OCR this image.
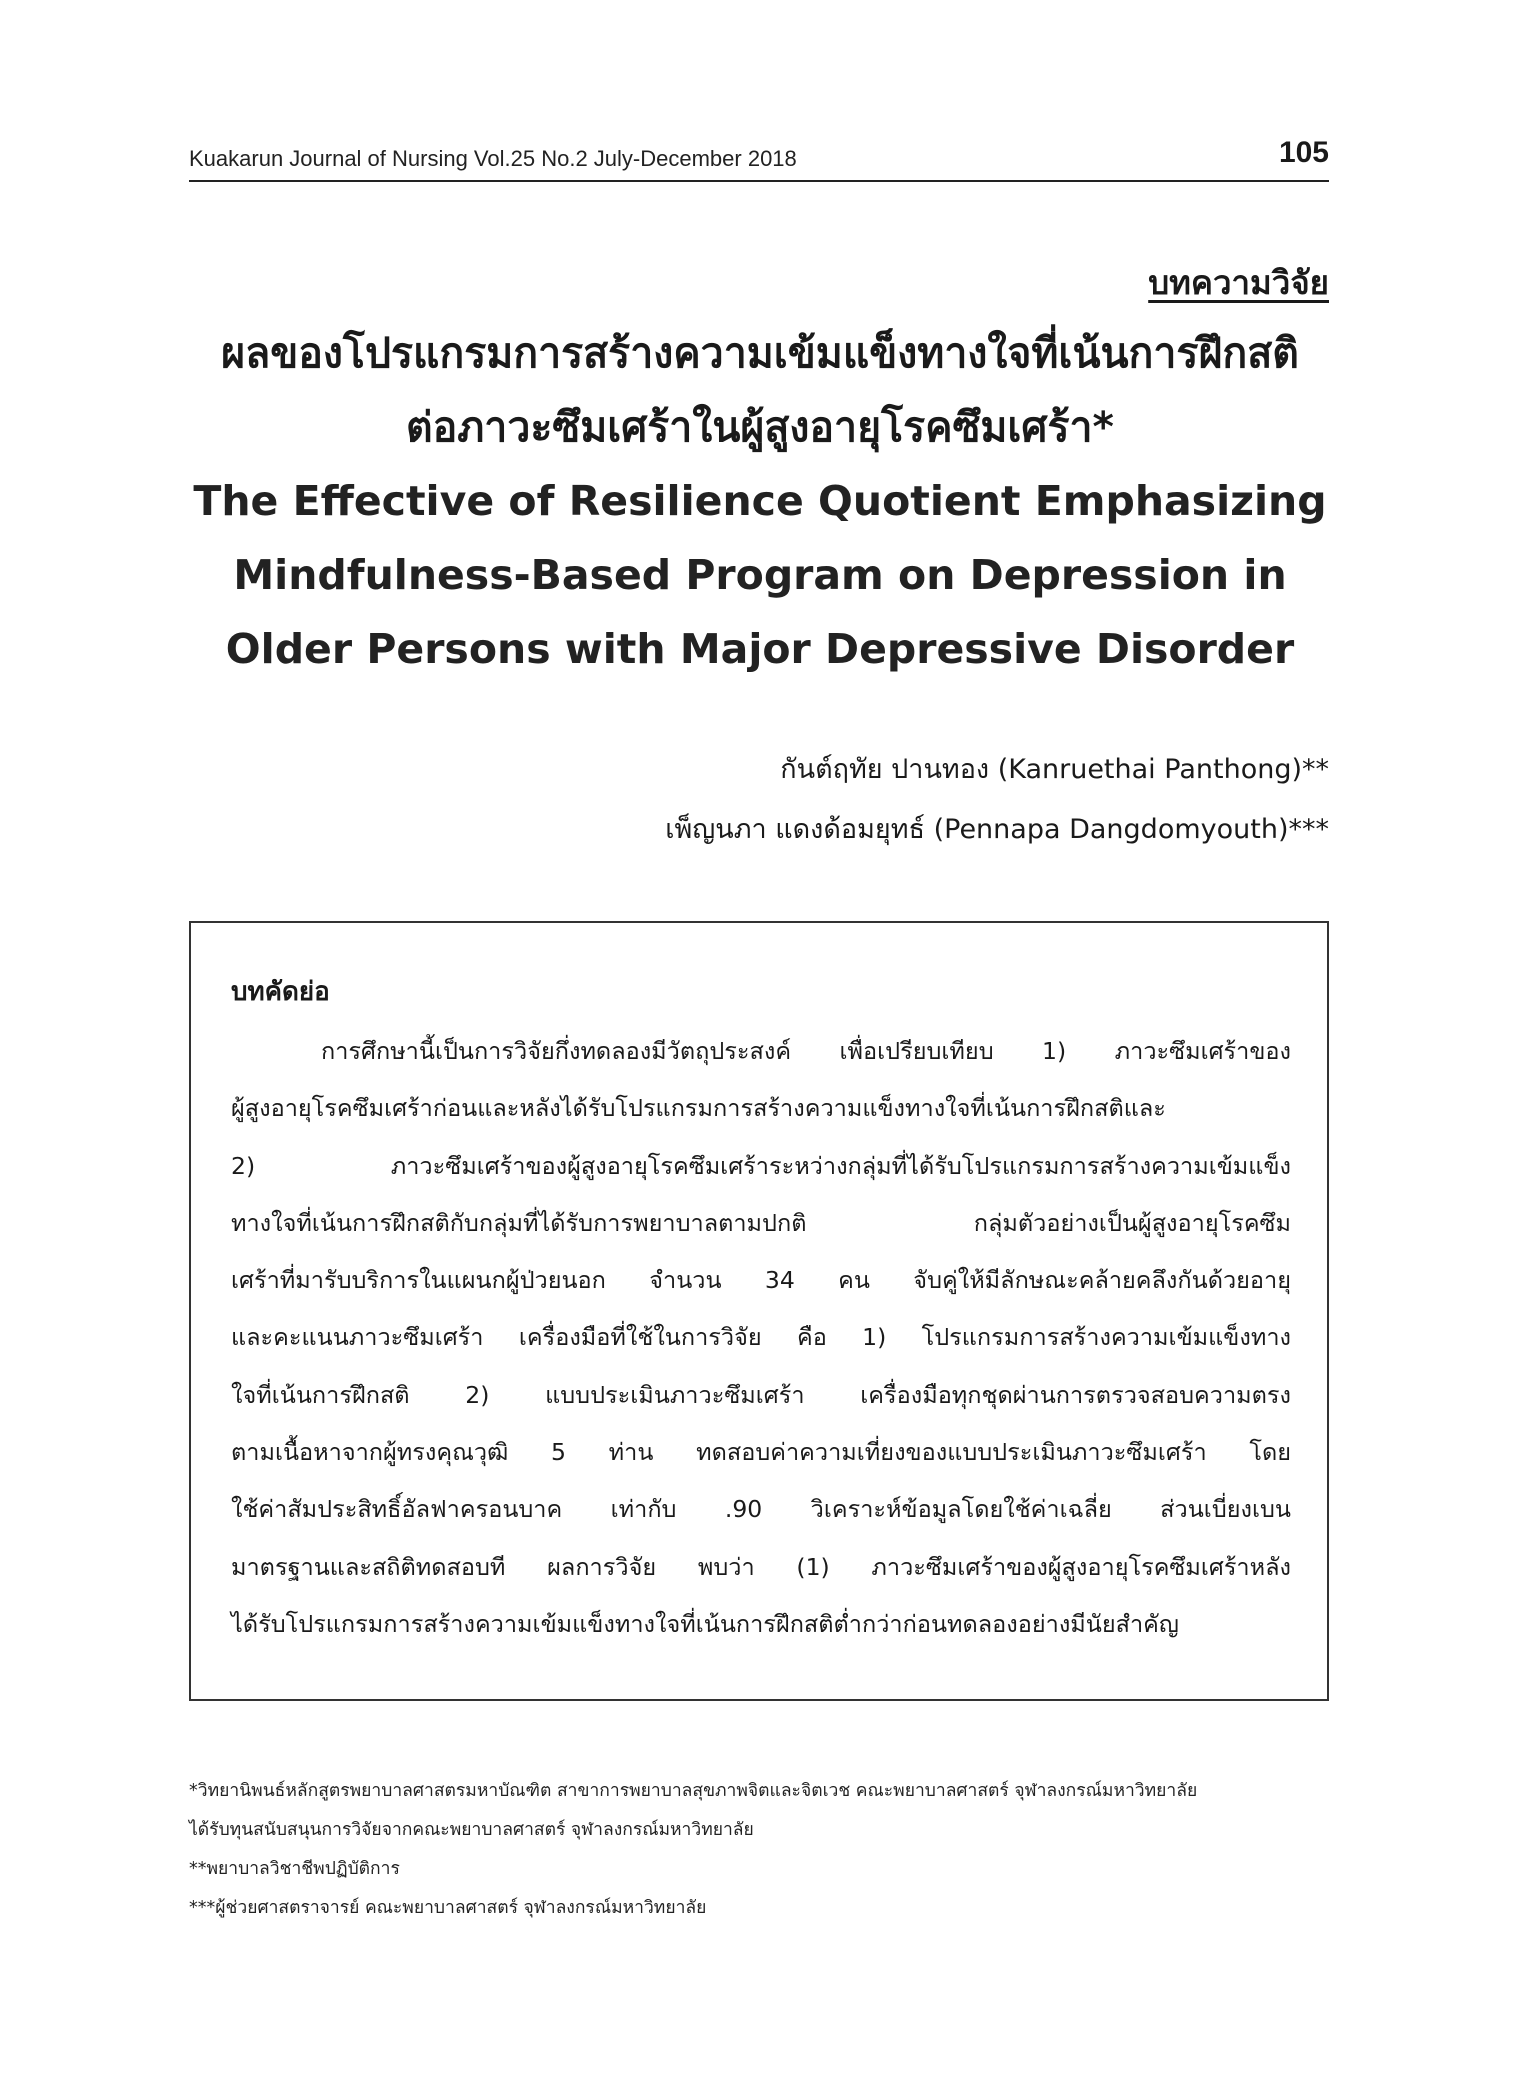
Kuakarun Journal of Nursing Vol.25 No.2 July-December 2018	105
บทความวิจัย
ผลของโปรแกรมการสร้างความเข้มแข็งทางใจที่เน้นการฝึกสติ
ต่อภาวะซึมเศร้าในผู้สูงอายุโรคซึมเศร้า*
The Effective of Resilience Quotient Emphasizing
Mindfulness-Based Program on Depression in
Older Persons with Major Depressive Disorder
กันต์ฤทัย ปานทอง (Kanruethai Panthong)**
เพ็ญนภา แดงด้อมยุทธ์ (Pennapa Dangdomyouth)***
บทคัดย่อ
การศึกษานี้เป็นการวิจัยกึ่งทดลองมีวัตถุประสงค์ เพื่อเปรียบเทียบ 1) ภาวะซึมเศร้าของ
ผู้สูงอายุโรคซึมเศร้าก่อนและหลังได้รับโปรแกรมการสร้างความแข็งทางใจที่เน้นการฝึกสติและ
2) ภาวะซึมเศร้าของผู้สูงอายุโรคซึมเศร้าระหว่างกลุ่มที่ได้รับโปรแกรมการสร้างความเข้มแข็ง
ทางใจที่เน้นการฝึกสติกับกลุ่มที่ได้รับการพยาบาลตามปกติ กลุ่มตัวอย่างเป็นผู้สูงอายุโรคซึม
เศร้าที่มารับบริการในแผนกผู้ป่วยนอก จำนวน 34 คน จับคู่ให้มีลักษณะคล้ายคลึงกันด้วยอายุ
และคะแนนภาวะซึมเศร้า เครื่องมือที่ใช้ในการวิจัย คือ 1) โปรแกรมการสร้างความเข้มแข็งทาง
ใจที่เน้นการฝึกสติ 2) แบบประเมินภาวะซึมเศร้า เครื่องมือทุกชุดผ่านการตรวจสอบความตรง
ตามเนื้อหาจากผู้ทรงคุณวุฒิ 5 ท่าน ทดสอบค่าความเที่ยงของแบบประเมินภาวะซึมเศร้า โดย
ใช้ค่าสัมประสิทธิ์อัลฟาครอนบาค เท่ากับ .90 วิเคราะห์ข้อมูลโดยใช้ค่าเฉลี่ย ส่วนเบี่ยงเบน
มาตรฐานและสถิติทดสอบที ผลการวิจัย พบว่า (1) ภาวะซึมเศร้าของผู้สูงอายุโรคซึมเศร้าหลัง
ได้รับโปรแกรมการสร้างความเข้มแข็งทางใจที่เน้นการฝึกสติต่ำกว่าก่อนทดลองอย่างมีนัยสำคัญ
*วิทยานิพนธ์หลักสูตรพยาบาลศาสตรมหาบัณฑิต สาขาการพยาบาลสุขภาพจิตและจิตเวช คณะพยาบาลศาสตร์ จุฬาลงกรณ์มหาวิทยาลัย
ได้รับทุนสนับสนุนการวิจัยจากคณะพยาบาลศาสตร์ จุฬาลงกรณ์มหาวิทยาลัย
**พยาบาลวิชาชีพปฏิบัติการ
***ผู้ช่วยศาสตราจารย์ คณะพยาบาลศาสตร์ จุฬาลงกรณ์มหาวิทยาลัย
